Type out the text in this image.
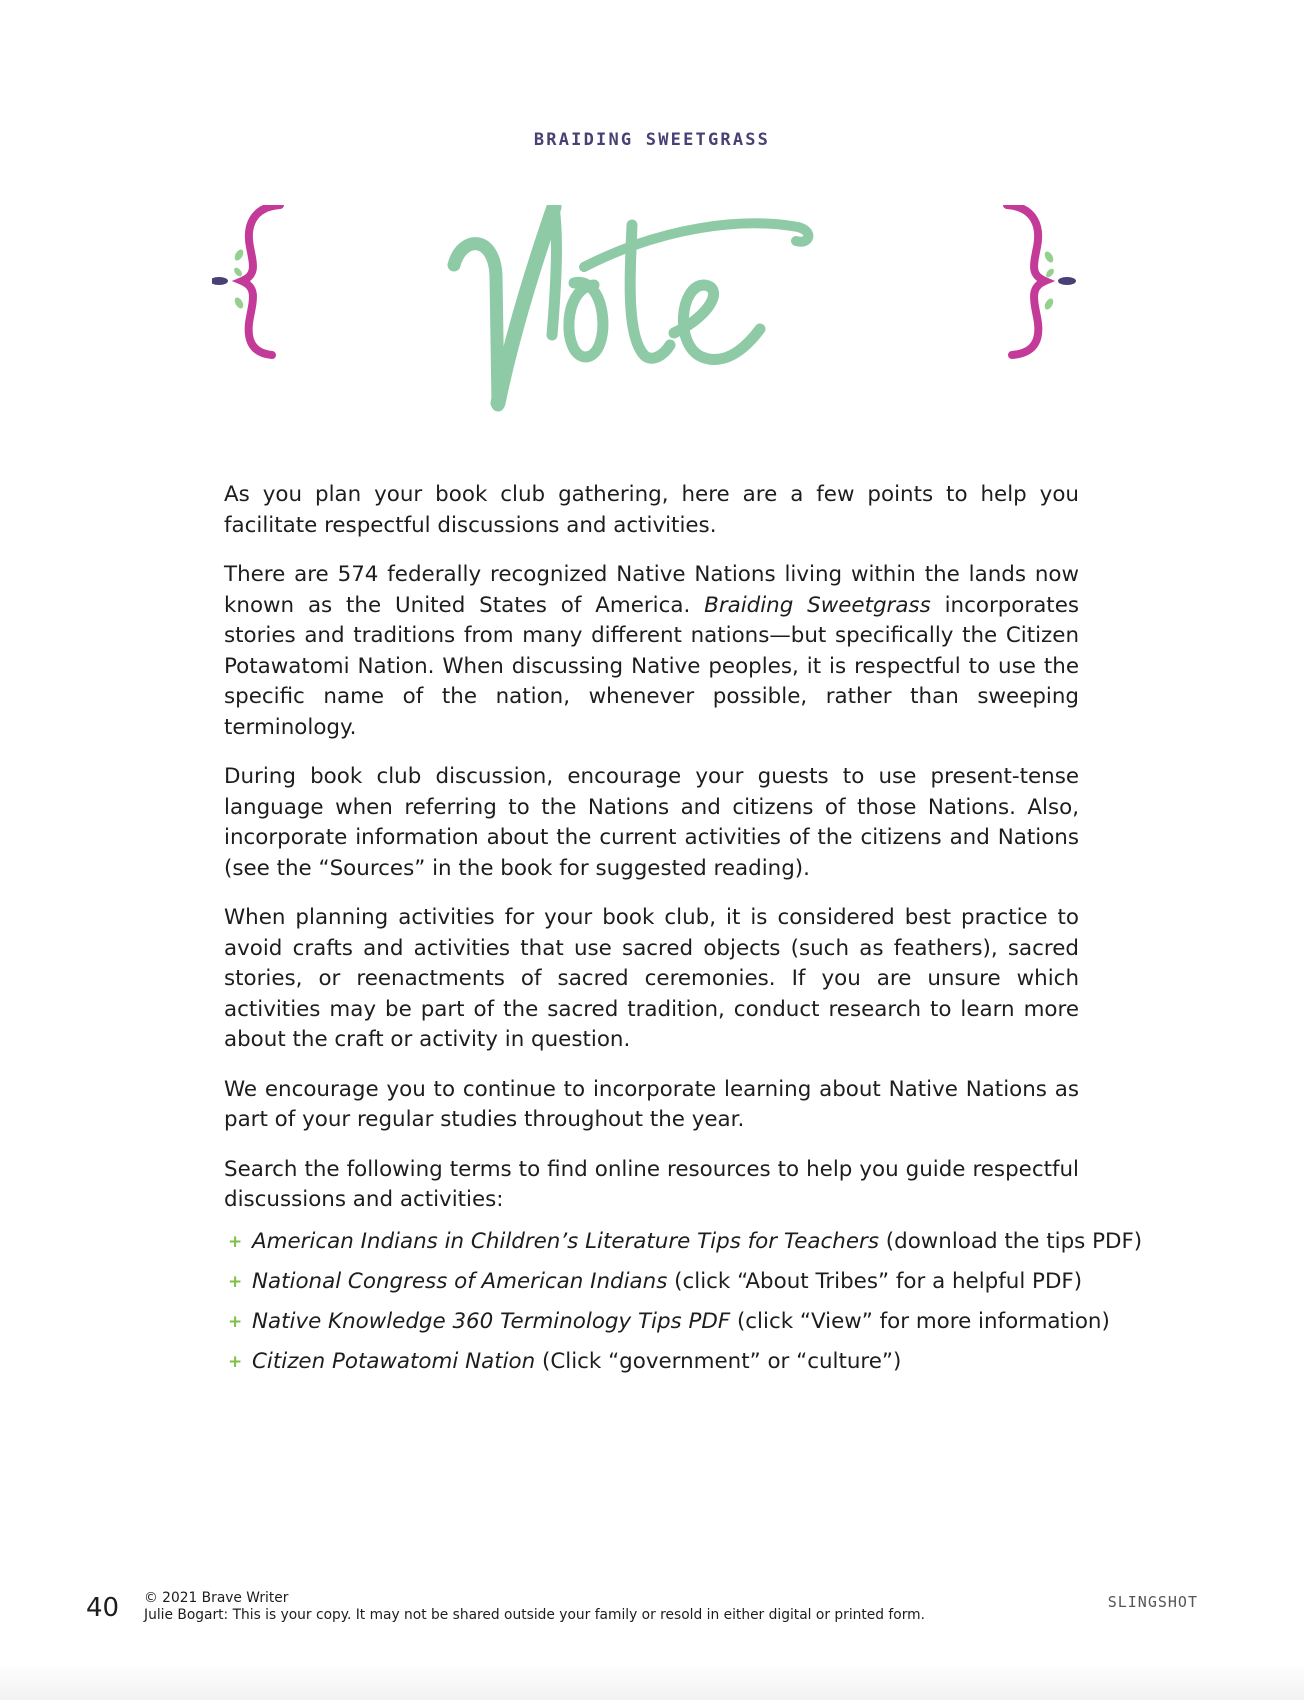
BRAIDING SWEETGRASS

As you plan your book club gathering, here are a few points to help you facilitate respectful discussions and activities.

There are 574 federally recognized Native Nations living within the lands now known as the United States of America. Braiding Sweetgrass incorporates stories and traditions from many different nations—but specifically the Citizen Potawatomi Nation. When discussing Native peoples, it is respectful to use the specific name of the nation, whenever possible, rather than sweeping terminology.

During book club discussion, encourage your guests to use present-tense language when referring to the Nations and citizens of those Nations. Also, incorporate information about the current activities of the citizens and Nations (see the “Sources” in the book for suggested reading).

When planning activities for your book club, it is considered best practice to avoid crafts and activities that use sacred objects (such as feathers), sacred stories, or reenactments of sacred ceremonies. If you are unsure which activities may be part of the sacred tradition, conduct research to learn more about the craft or activity in question.

We encourage you to continue to incorporate learning about Native Nations as part of your regular studies throughout the year.

Search the following terms to find online resources to help you guide respectful discussions and activities:

+ American Indians in Children’s Literature Tips for Teachers (download the tips PDF)
+ National Congress of American Indians (click “About Tribes” for a helpful PDF)
+ Native Knowledge 360 Terminology Tips PDF (click “View” for more information)
+ Citizen Potawatomi Nation (Click “government” or “culture”)
40 © 2021 Brave Writer
Julie Bogart: This is your copy. It may not be shared outside your family or resold in either digital or printed form.
SLINGSHOT
